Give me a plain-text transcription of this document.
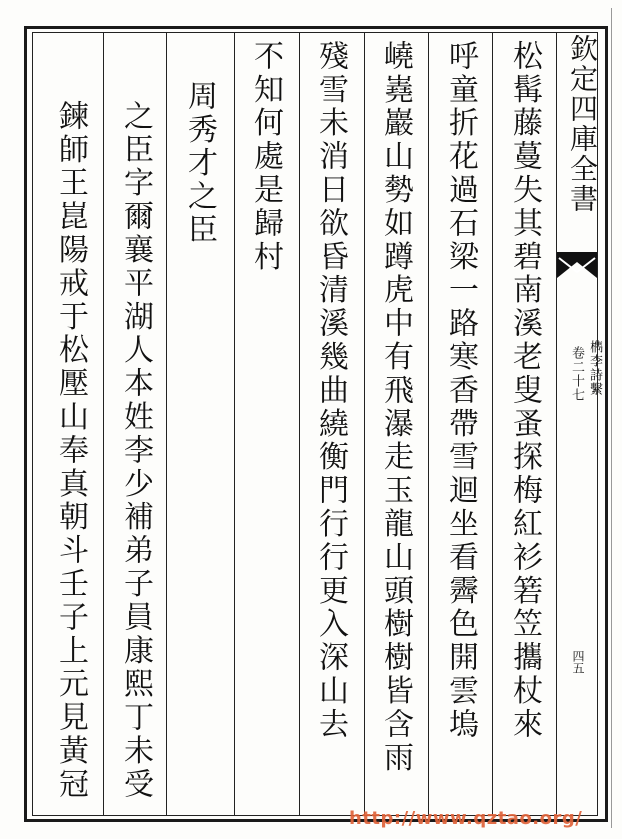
欽定四庫全書
檇李詩繫
卷二十七
四五
松髯藤蔓失其碧南溪老叟蚤探梅紅衫箬笠攜杖來
呼童折花過石梁一路寒香帶雪迴坐看霽色開雲塢
嶢嶤巖山勢如蹲虎中有飛瀑走玉龍山頭樹樹皆含雨
殘雪未消日欲昏清溪幾曲繞衡門行行更入深山去
不知何處是歸村
周秀才之臣
之臣字爾襄平湖人本姓李少補弟子員康熙丁未受
鍊師王崑陽戒于松壓山奉真朝斗壬子上元見黃冠
http://www.qztao.org/
